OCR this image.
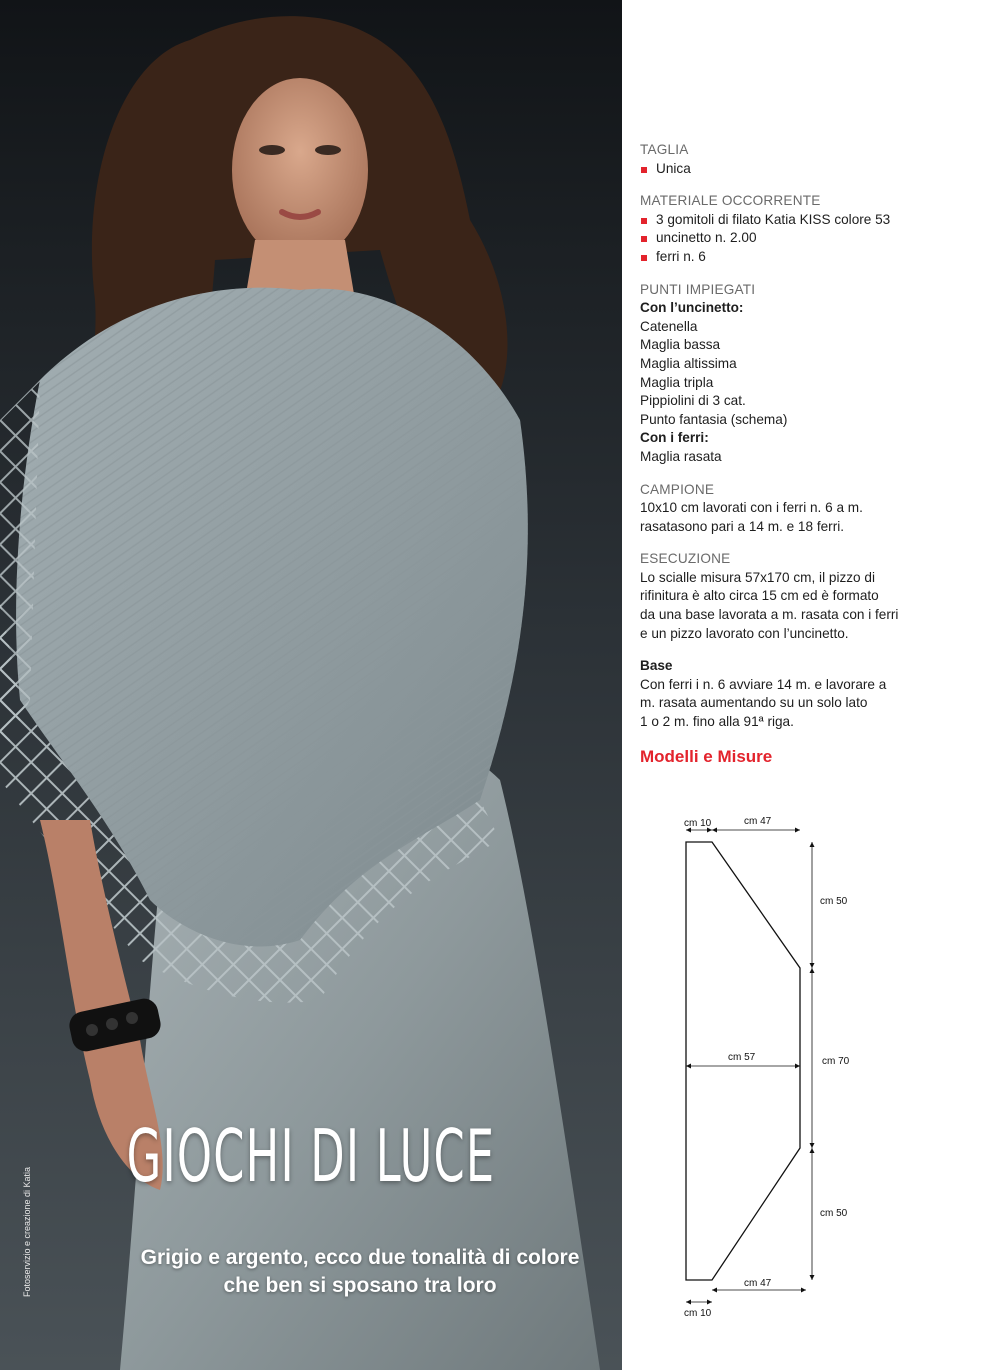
Fotoservizio e creazione di Katia
GIOCHI DI LUCE
Grigio e argento, ecco due tonalità di colore
che ben si sposano tra loro
TAGLIA
Unica
MATERIALE OCCORRENTE
3 gomitoli di filato Katia KISS colore 53
uncinetto n. 2.00
ferri n. 6
PUNTI IMPIEGATI
Con l’uncinetto:
Catenella
Maglia bassa
Maglia altissima
Maglia tripla
Pippiolini di 3 cat.
Punto fantasia (schema)
Con i ferri:
Maglia rasata
CAMPIONE
10x10 cm lavorati con i ferri n. 6 a m.
rasatasono pari a 14 m. e 18 ferri.
ESECUZIONE
Lo scialle misura 57x170 cm, il pizzo di
rifinitura è alto circa 15 cm ed è formato
da una base lavorata a m. rasata con i ferri
e un pizzo lavorato con l’uncinetto.
Base
Con ferri i n. 6 avviare 14 m. e lavorare a
m. rasata aumentando su un solo lato
1 o 2 m. fino alla 91ª riga.
Modelli e Misure
cm 10	cm 47
cm 50
cm 70
cm 50
cm 57
cm 47
cm 10
